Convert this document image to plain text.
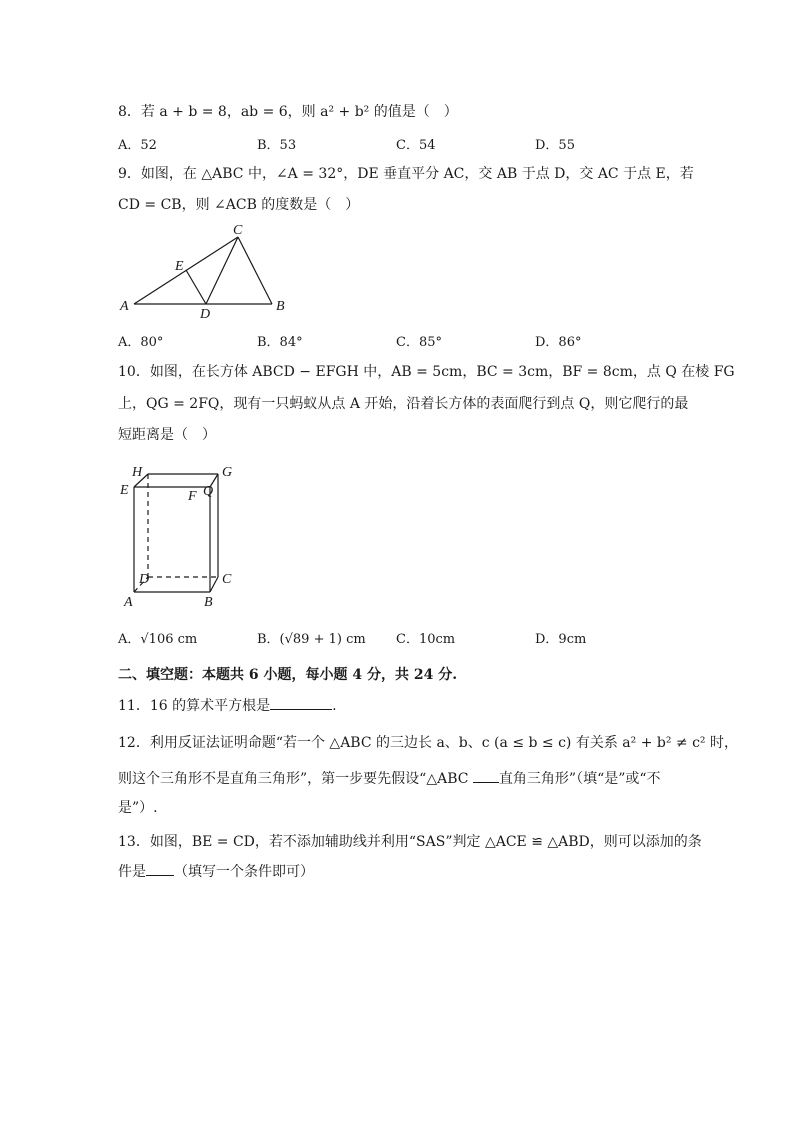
8．若 a + b = 8，ab = 6，则 a² + b² 的值是（　）
A．52	B．53	C．54	D．55
9．如图，在 △ABC 中，∠A = 32°，DE 垂直平分 AC，交 AB 于点 D，交 AC 于点 E，若
CD = CB，则 ∠ACB 的度数是（　）
A	B
C
D
E
A．80°	B．84°	C．85°	D．86°
10．如图，在长方体 ABCD − EFGH 中，AB = 5cm，BC = 3cm，BF = 8cm，点 Q 在棱 FG
上，QG = 2FQ，现有一只蚂蚁从点 A 开始，沿着长方体的表面爬行到点 Q，则它爬行的最
短距离是（　）
H	G
E	F Q
D	C
A	B
A．√106 cm	B．(√89 + 1) cm C．10cm	D．9cm
二、填空题：本题共 6 小题，每小题 4 分，共 24 分.
11．16 的算术平方根是	.
12．利用反证法证明命题“若一个 △ABC 的三边长 a、b、c (a ≤ b ≤ c) 有关系 a² + b² ≠ c² 时，
则这个三角形不是直角三角形”，第一步要先假设“△ABC 直角三角形”（填“是”或“不
是”）.
13．如图，BE = CD，若不添加辅助线并利用“SAS”判定 △ACE ≌ △ABD，则可以添加的条
件是 （填写一个条件即可）
